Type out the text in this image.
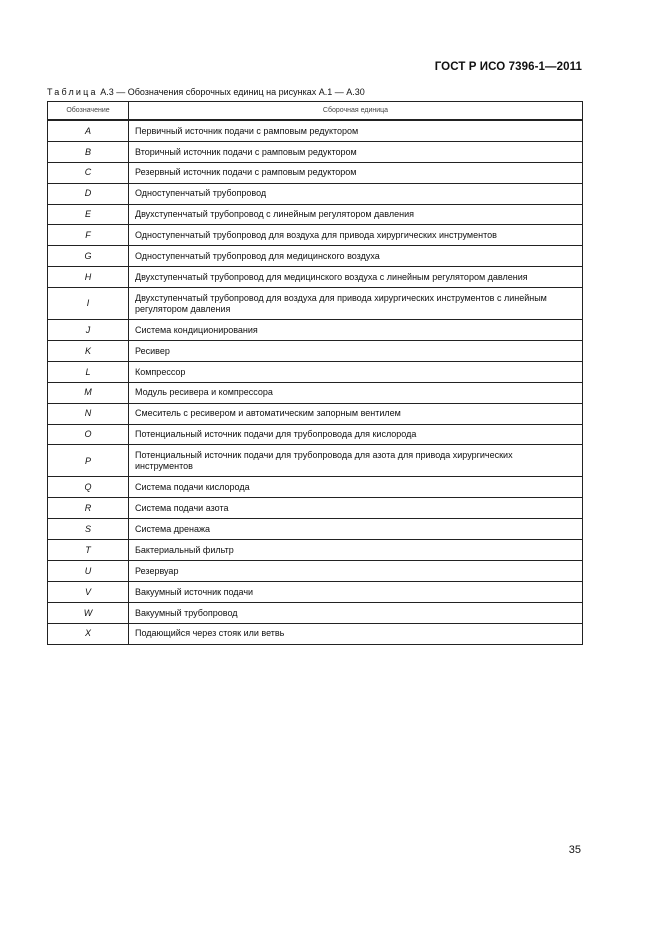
ГОСТ Р ИСО 7396-1—2011
Таблица А.3 — Обозначения сборочных единиц на рисунках А.1 — А.30
Обозначение	Сборочная единица
A	Первичный источник подачи с рамповым редуктором
B	Вторичный источник подачи с рамповым редуктором
C	Резервный источник подачи с рамповым редуктором
D	Одноступенчатый трубопровод
E	Двухступенчатый трубопровод с линейным регулятором давления
F	Одноступенчатый трубопровод для воздуха для привода хирургических инструментов
G	Одноступенчатый трубопровод для медицинского воздуха
H	Двухступенчатый трубопровод для медицинского воздуха с линейным регулятором давления
I	Двухступенчатый трубопровод для воздуха для привода хирургических инструментов с линейным регулятором давления
J	Система кондиционирования
K	Ресивер
L	Компрессор
M	Модуль ресивера и компрессора
N	Смеситель с ресивером и автоматическим запорным вентилем
O	Потенциальный источник подачи для трубопровода для кислорода
P	Потенциальный источник подачи для трубопровода для азота для привода хирургических инструментов
Q	Система подачи кислорода
R	Система подачи азота
S	Система дренажа
T	Бактериальный фильтр
U	Резервуар
V	Вакуумный источник подачи
W	Вакуумный трубопровод
X	Подающийся через стояк или ветвь
35
